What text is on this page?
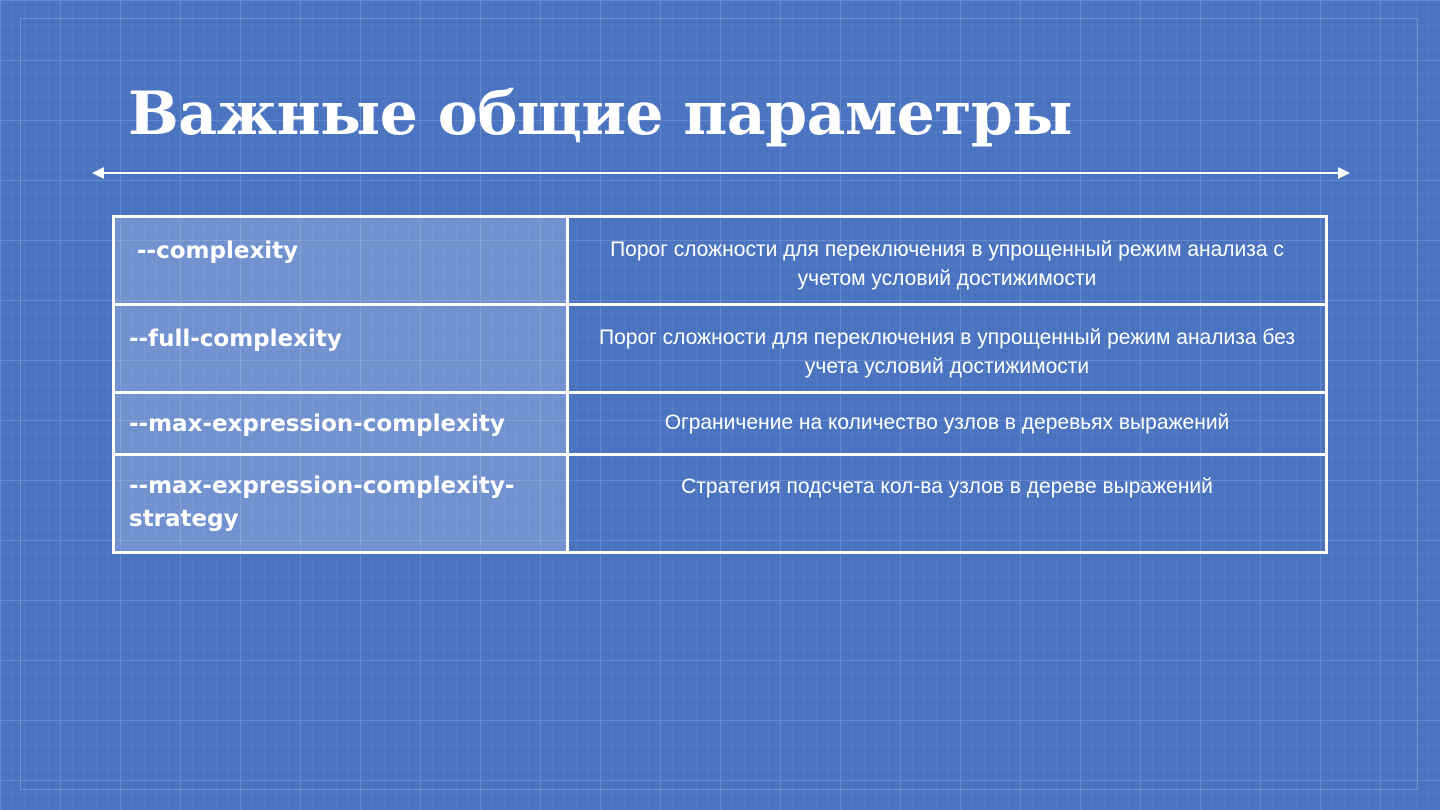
Важные общие параметры
--complexity	Порог сложности для переключения в упрощенный режим анализа с учетом условий достижимости
--full-complexity	Порог сложности для переключения в упрощенный режим анализа без учета условий достижимости
--max-expression-complexity	Ограничение на количество узлов в деревьях выражений
--max-expression-complexity-strategy	Стратегия подсчета кол-ва узлов в дереве выражений
